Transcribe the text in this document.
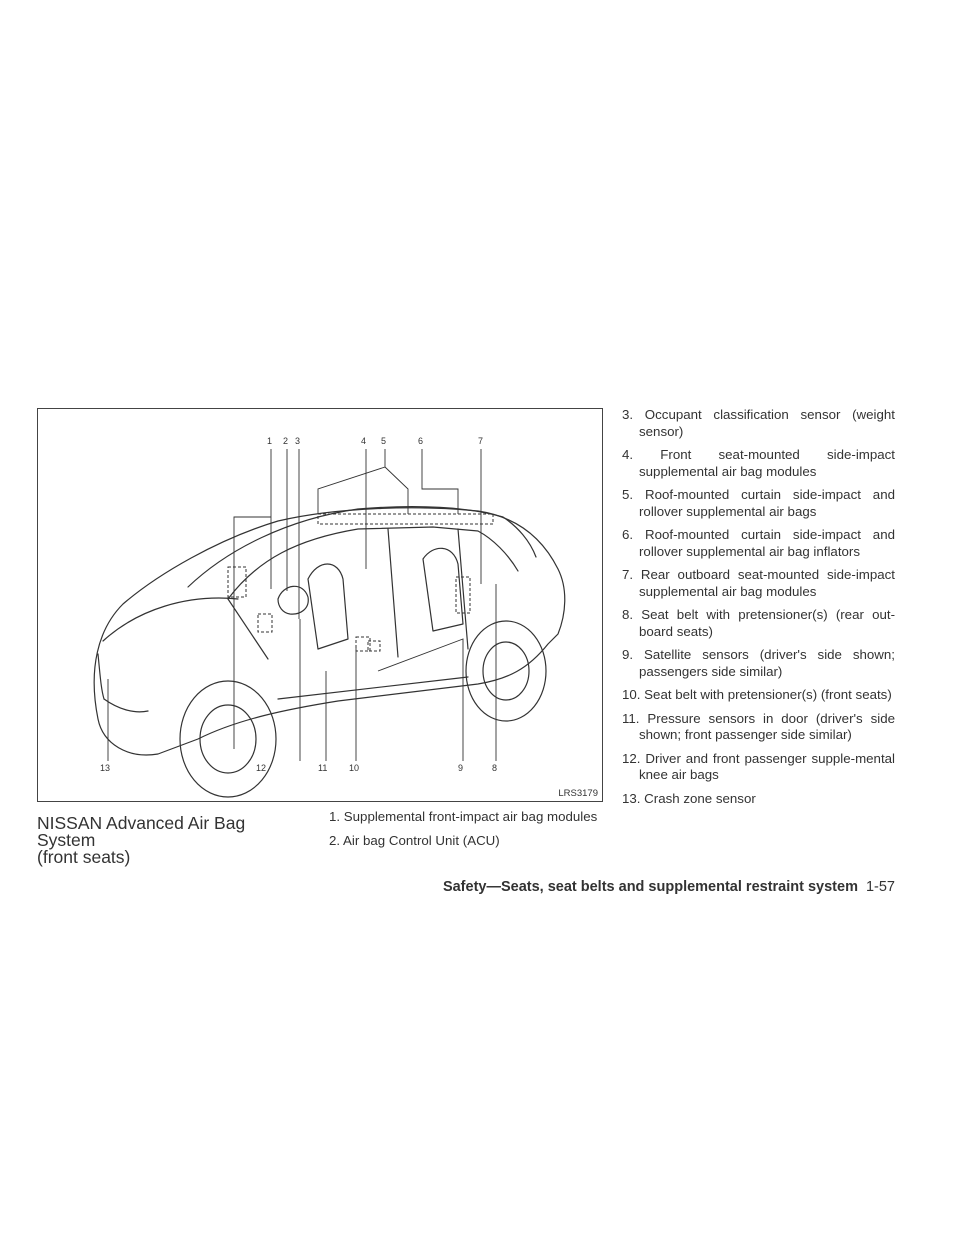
1 2 3	4 5	6	7
13	12	11 10	9	8
LRS3179
NISSAN Advanced Air Bag System
(front seats)
1. Supplemental front-impact air bag modules
2. Air bag Control Unit (ACU)
3. Occupant classification sensor (weight sensor)
4. Front seat-mounted side-impact supplemental air bag modules
5. Roof-mounted curtain side-impact and rollover supplemental air bags
6. Roof-mounted curtain side-impact and rollover supplemental air bag inflators
7. Rear outboard seat-mounted side-impact supplemental air bag modules
8. Seat belt with pretensioner(s) (rear out-board seats)
9. Satellite sensors (driver's side shown; passengers side similar)
10. Seat belt with pretensioner(s) (front seats)
11. Pressure sensors in door (driver's side shown; front passenger side similar)
12. Driver and front passenger supple-mental knee air bags
13. Crash zone sensor
Safety—Seats, seat belts and supplemental restraint system 1-57
